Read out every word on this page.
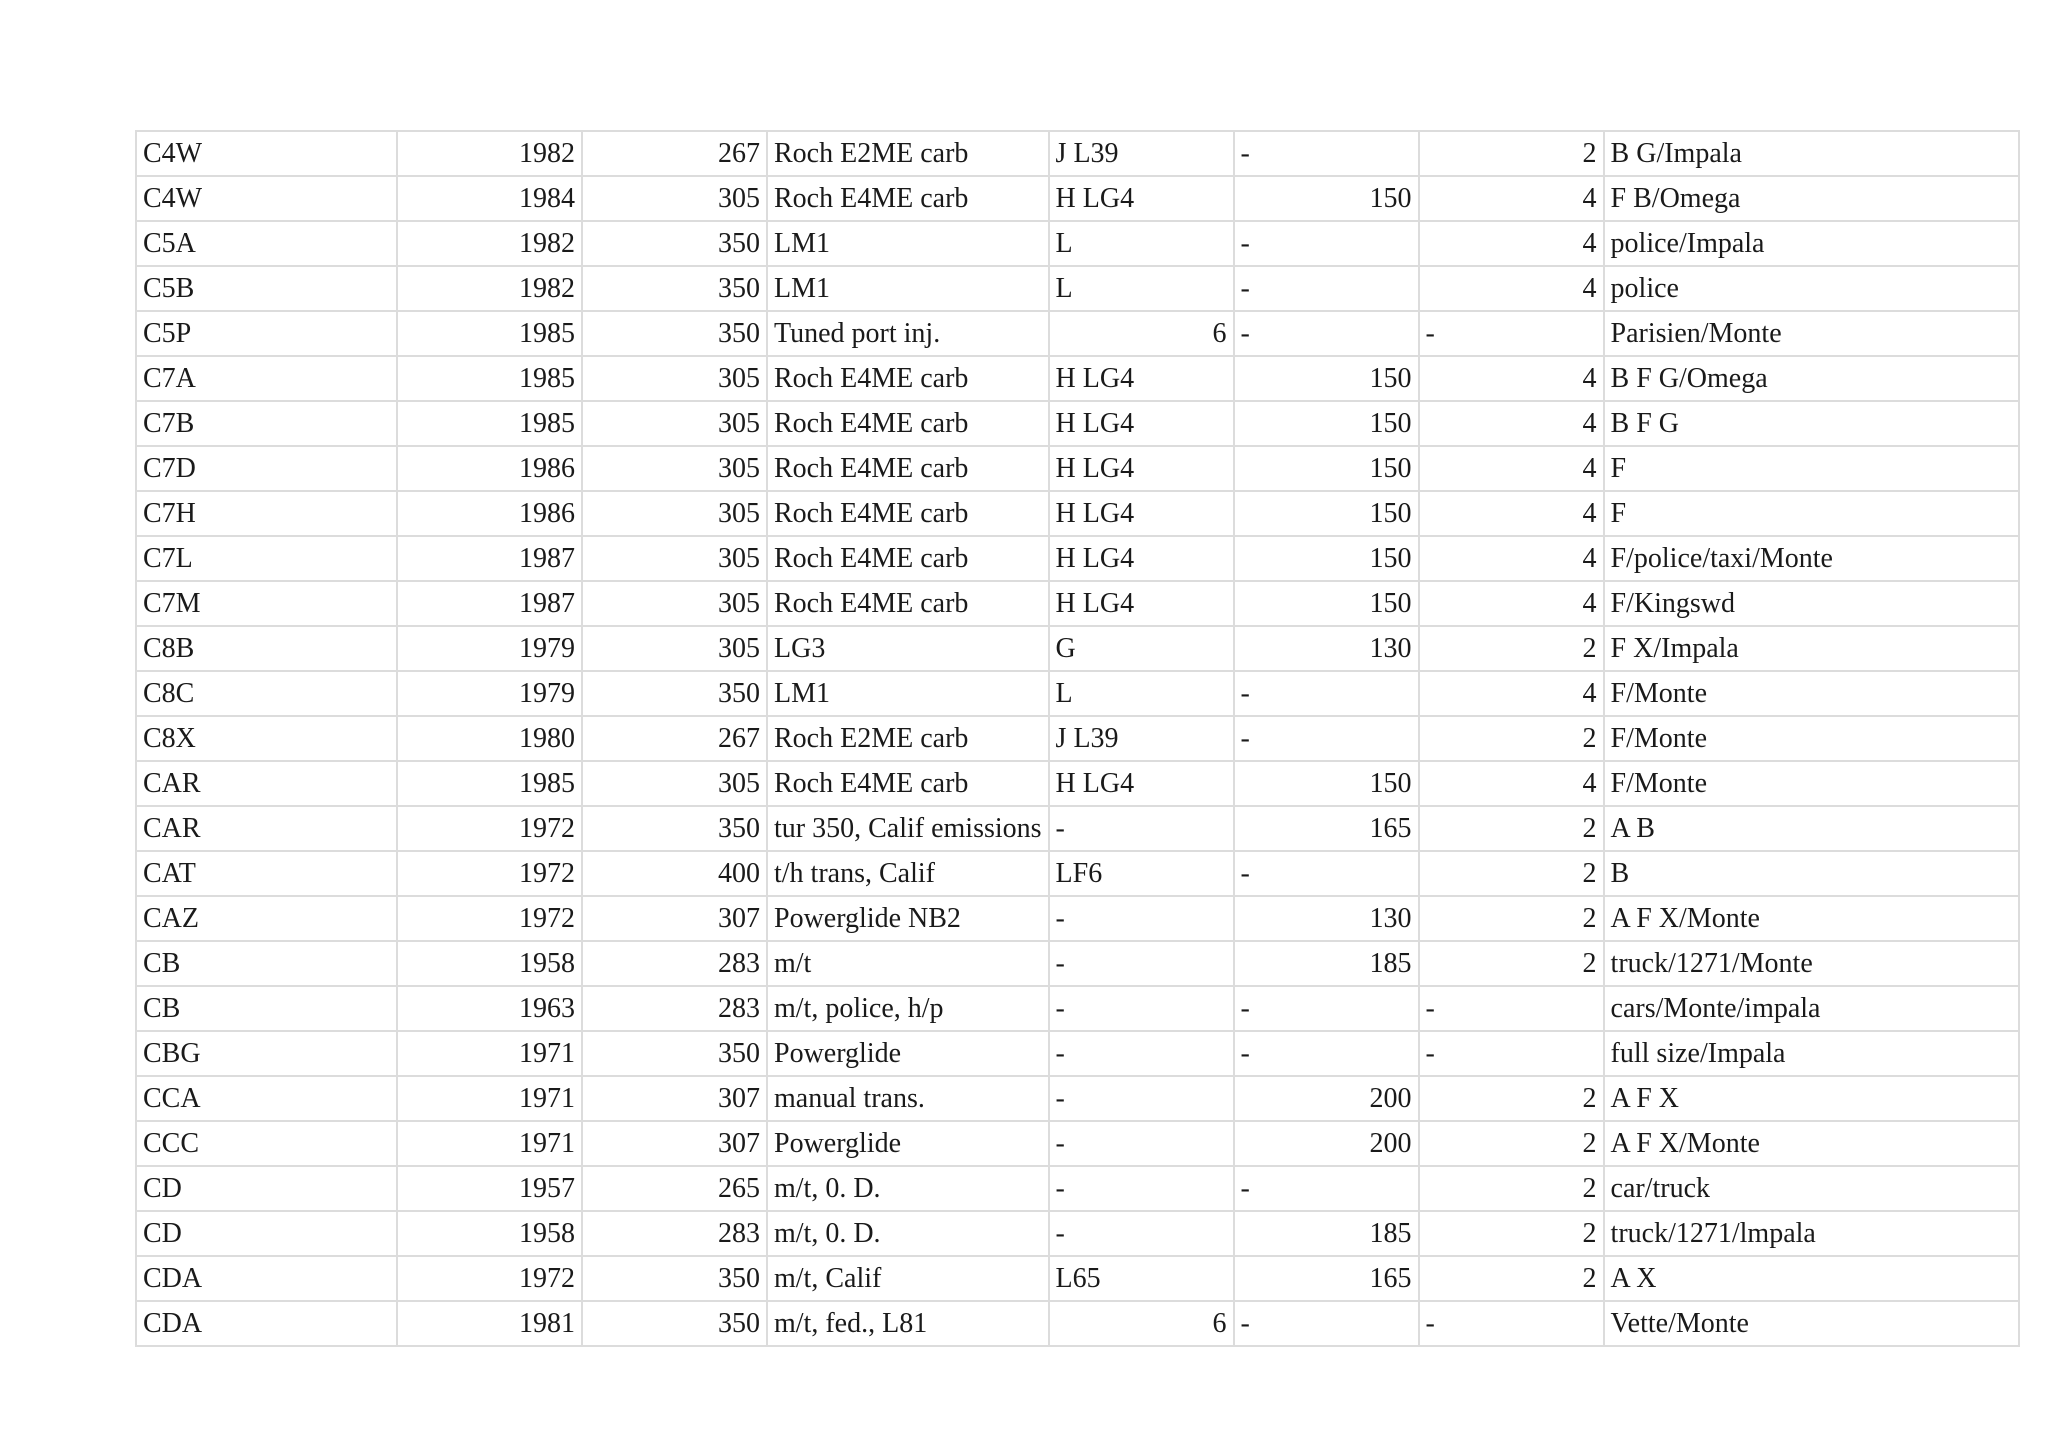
C4W	1982	267	Roch E2ME carb	J L39	-	2	B G/Impala
C4W	1984	305	Roch E4ME carb	H LG4	150	4	F B/Omega
C5A	1982	350	LM1	L	-	4	police/Impala
C5B	1982	350	LM1	L	-	4	police
C5P	1985	350	Tuned port inj.	6	-	-	Parisien/Monte
C7A	1985	305	Roch E4ME carb	H LG4	150	4	B F G/Omega
C7B	1985	305	Roch E4ME carb	H LG4	150	4	B F G
C7D	1986	305	Roch E4ME carb	H LG4	150	4	F
C7H	1986	305	Roch E4ME carb	H LG4	150	4	F
C7L	1987	305	Roch E4ME carb	H LG4	150	4	F/police/taxi/Monte
C7M	1987	305	Roch E4ME carb	H LG4	150	4	F/Kingswd
C8B	1979	305	LG3	G	130	2	F X/Impala
C8C	1979	350	LM1	L	-	4	F/Monte
C8X	1980	267	Roch E2ME carb	J L39	-	2	F/Monte
CAR	1985	305	Roch E4ME carb	H LG4	150	4	F/Monte
CAR	1972	350	tur 350, Calif emissions	-	165	2	A B
CAT	1972	400	t/h trans, Calif	LF6	-	2	B
CAZ	1972	307	Powerglide NB2	-	130	2	A F X/Monte
CB	1958	283	m/t	-	185	2	truck/1271/Monte
CB	1963	283	m/t, police, h/p	-	-	-	cars/Monte/impala
CBG	1971	350	Powerglide	-	-	-	full size/Impala
CCA	1971	307	manual trans.	-	200	2	A F X
CCC	1971	307	Powerglide	-	200	2	A F X/Monte
CD	1957	265	m/t, 0. D.	-	-	2	car/truck
CD	1958	283	m/t, 0. D.	-	185	2	truck/1271/lmpala
CDA	1972	350	m/t, Calif	L65	165	2	A X
CDA	1981	350	m/t, fed., L81	6	-	-	Vette/Monte
